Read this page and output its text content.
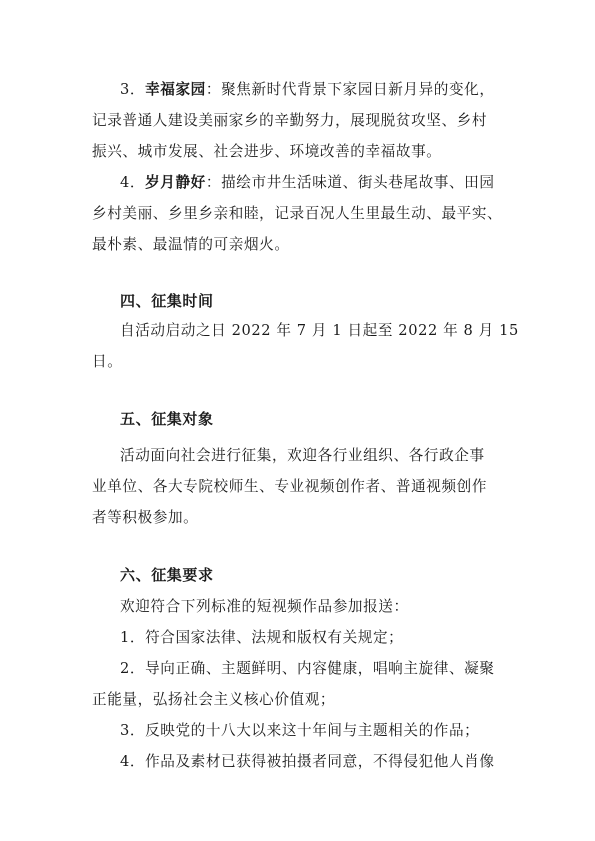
3．幸福家园：聚焦新时代背景下家园日新月异的变化，
记录普通人建设美丽家乡的辛勤努力，展现脱贫攻坚、乡村
振兴、城市发展、社会进步、环境改善的幸福故事。
4．岁月静好：描绘市井生活味道、街头巷尾故事、田园
乡村美丽、乡里乡亲和睦，记录百况人生里最生动、最平实、
最朴素、最温情的可亲烟火。
四、征集时间
自活动启动之日 2022 年 7 月 1 日起至 2022 年 8 月 15
日。
五、征集对象
活动面向社会进行征集，欢迎各行业组织、各行政企事
业单位、各大专院校师生、专业视频创作者、普通视频创作
者等积极参加。
六、征集要求
欢迎符合下列标准的短视频作品参加报送：
1．符合国家法律、法规和版权有关规定；
2．导向正确、主题鲜明、内容健康，唱响主旋律、凝聚
正能量，弘扬社会主义核心价值观；
3．反映党的十八大以来这十年间与主题相关的作品；
4．作品及素材已获得被拍摄者同意，不得侵犯他人肖像
